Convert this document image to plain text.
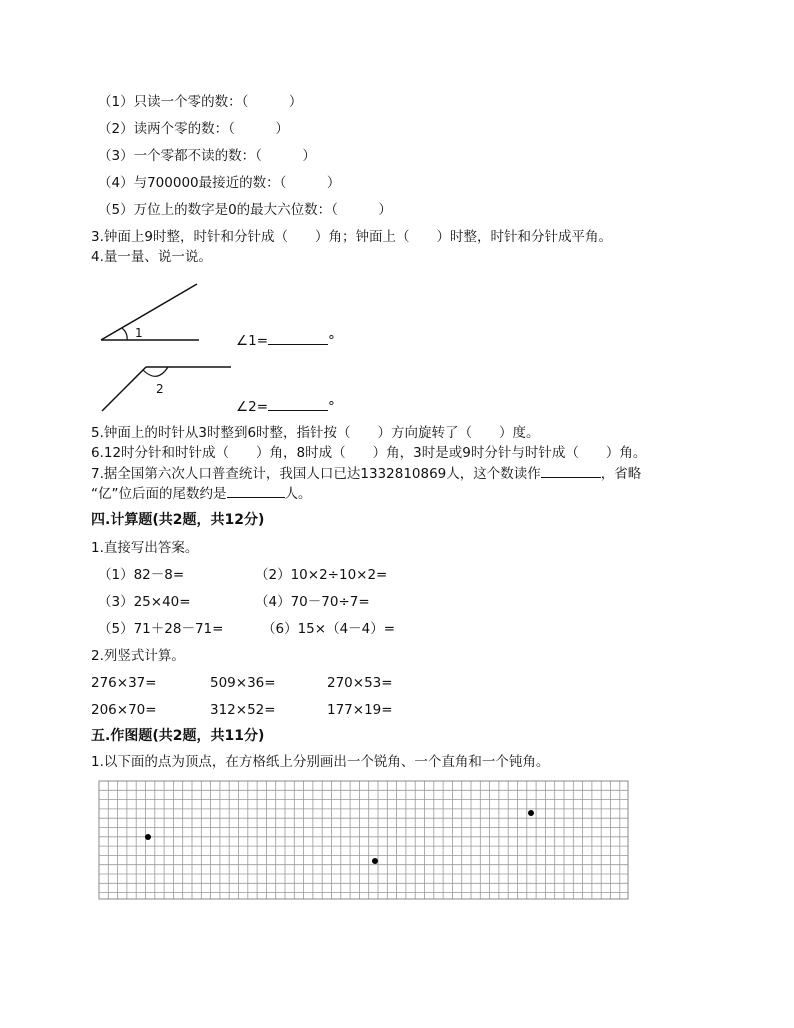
（1）只读一个零的数：（　　　）
（2）读两个零的数：（　　　）
（3）一个零都不读的数：（　　　）
（4）与700000最接近的数：（　　　）
（5）万位上的数字是0的最大六位数：（　　　）
3.钟面上9时整，时针和分针成（　　）角；钟面上（　　）时整，时针和分针成平角。
4.量一量、说一说。
1
2
∠1=	°
∠2=	°
5.钟面上的时针从3时整到6时整，指针按（　　）方向旋转了（　　）度。
6.12时分针和时针成（　　）角，8时成（　　）角，3时是或9时分针与时针成（　　）角。
7.据全国第六次人口普查统计，我国人口已达1332810869人，这个数读作	，省略
“亿”位后面的尾数约是	人。
四.计算题(共2题，共12分)
1.直接写出答案。
（1）82－8=	（2）10×2÷10×2=
（3）25×40=	（4）70－70÷7=
（5）71＋28－71=	（6）15×（4－4）=
2.列竖式计算。
276×37=	509×36=	270×53=
206×70=	312×52=	177×19=
五.作图题(共2题，共11分)
1.以下面的点为顶点，在方格纸上分别画出一个锐角、一个直角和一个钝角。
